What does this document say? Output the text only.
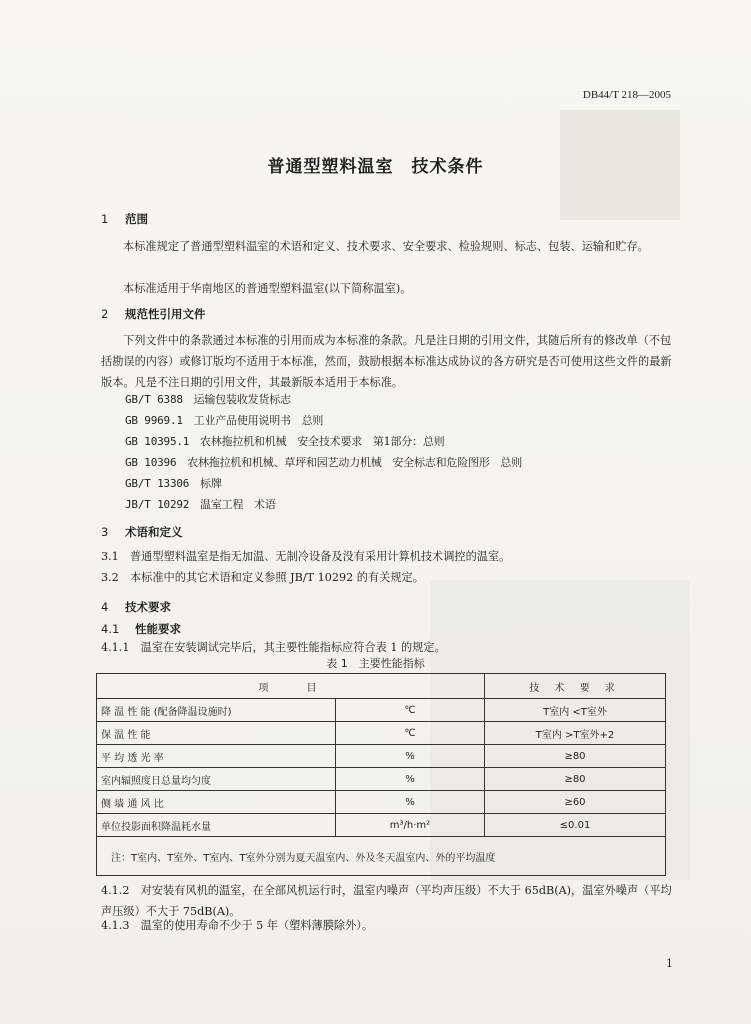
DB44/T 218—2005
普通型塑料温室　技术条件
1 范围
本标准规定了普通型塑料温室的术语和定义、技术要求、安全要求、检验规则、标志、包装、运输和贮存。
本标准适用于华南地区的普通型塑料温室(以下简称温室)。
2 规范性引用文件
下列文件中的条款通过本标准的引用而成为本标准的条款。凡是注日期的引用文件，其随后所有的修改单（不包括勘误的内容）或修订版均不适用于本标准，然而，鼓励根据本标准达成协议的各方研究是否可使用这些文件的最新版本。凡是不注日期的引用文件，其最新版本适用于本标准。
GB/T 6388　 运输包装收发货标志
GB 9969.1　 工业产品使用说明书　总则
GB 10395.1　 农林拖拉机和机械　安全技术要求　第1部分：总则
GB 10396　 农林拖拉机和机械、草坪和园艺动力机械　安全标志和危险图形　总则
GB/T 13306　 标牌
JB/T 10292　 温室工程　术语
3 术语和定义
3.1　普通型塑料温室是指无加温、无制冷设备及没有采用计算机技术调控的温室。
3.2　本标准中的其它术语和定义参照 JB/T 10292 的有关规定。
4 技术要求
4.1 性能要求
4.1.1　温室在安装调试完毕后，其主要性能指标应符合表 1 的规定。
表 1　主要性能指标
项　　目		技 术 要 求
降 温 性 能 (配备降温设施时)	℃	T室内 <T室外
保 温 性 能	℃	T室内 >T室外+2
平 均 透 光 率	%	≥80
室内辐照度日总量均匀度	%	≥80
侧 墙 通 风 比	%	≥60
单位投影面积降温耗水量	m³/h·m²	≤0.01
注：T室内、T室外、T室内、T室外分别为夏天温室内、外及冬天温室内、外的平均温度		
4.1.2　对安装有风机的温室，在全部风机运行时，温室内噪声（平均声压级）不大于 65dB(A)，温室外噪声（平均声压级）不大于 75dB(A)。
4.1.3　温室的使用寿命不少于 5 年（塑料薄膜除外）。
1
